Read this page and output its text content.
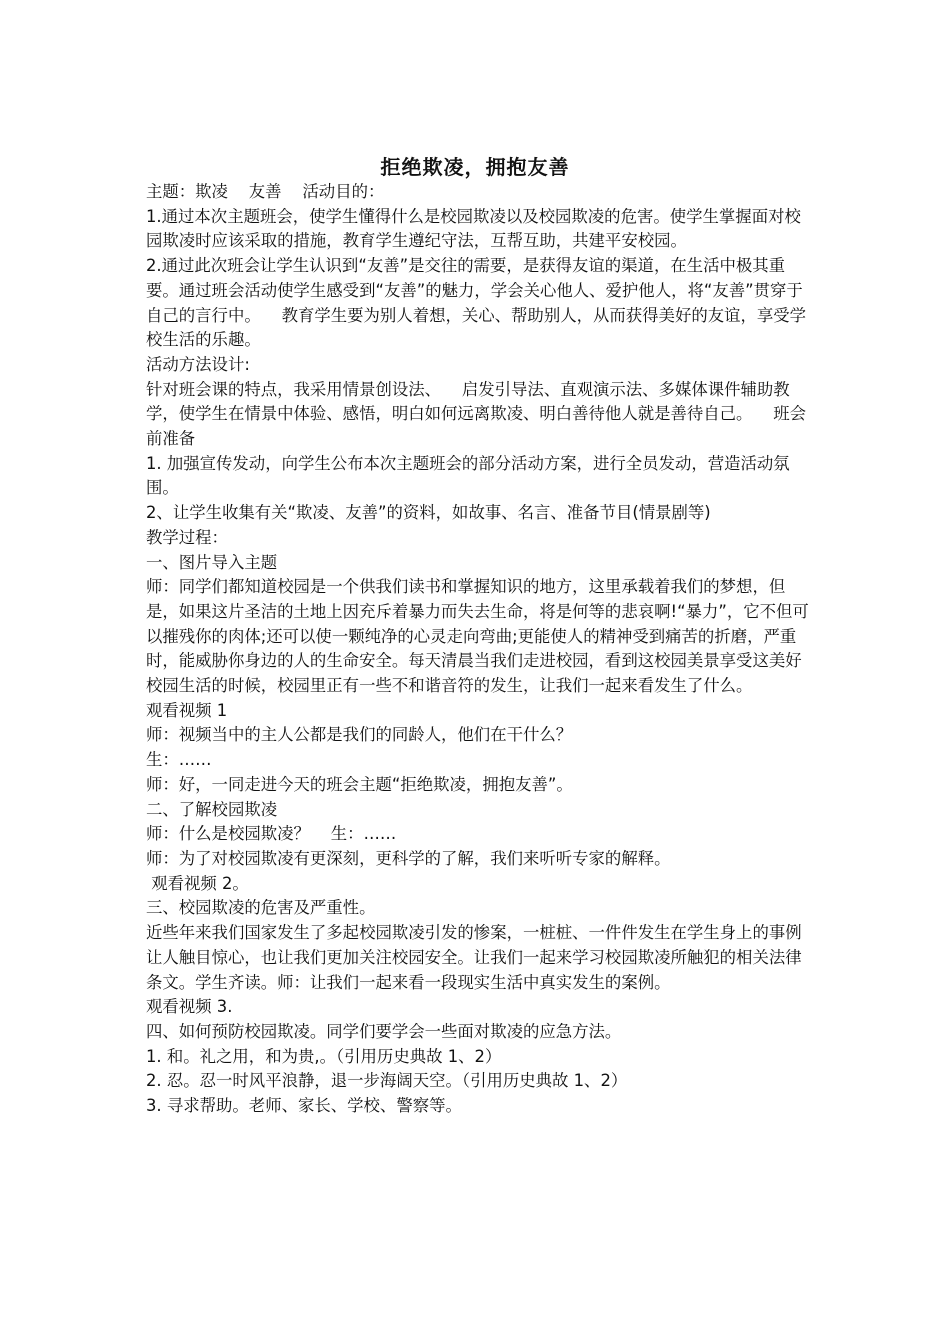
拒绝欺凌，拥抱友善

主题：欺凌    友善    活动目的：

1.通过本次主题班会，使学生懂得什么是校园欺凌以及校园欺凌的危害。使学生掌握面对校园欺凌时应该采取的措施，教育学生遵纪守法，互帮互助，共建平安校园。

2.通过此次班会让学生认识到“友善”是交往的需要，是获得友谊的渠道，在生活中极其重要。通过班会活动使学生感受到“友善”的魅力，学会关心他人、爱护他人，将“友善”贯穿于自己的言行中。    教育学生要为别人着想，关心、帮助别人，从而获得美好的友谊，享受学校生活的乐趣。

活动方法设计:

针对班会课的特点，我采用情景创设法、    启发引导法、直观演示法、多媒体课件辅助教学，使学生在情景中体验、感悟，明白如何远离欺凌、明白善待他人就是善待自己。    班会前准备

1. 加强宣传发动，向学生公布本次主题班会的部分活动方案，进行全员发动，营造活动氛围。

2、让学生收集有关“欺凌、友善”的资料，如故事、名言、准备节目(情景剧等)

教学过程：

一、图片导入主题

师：同学们都知道校园是一个供我们读书和掌握知识的地方，这里承载着我们的梦想，但是，如果这片圣洁的土地上因充斥着暴力而失去生命，将是何等的悲哀啊!“暴力”，它不但可以摧残你的肉体;还可以使一颗纯净的心灵走向弯曲;更能使人的精神受到痛苦的折磨，严重时，能威胁你身边的人的生命安全。每天清晨当我们走进校园，看到这校园美景享受这美好校园生活的时候，校园里正有一些不和谐音符的发生，让我们一起来看发生了什么。

观看视频 1

师：视频当中的主人公都是我们的同龄人，他们在干什么？

生：……

师：好，一同走进今天的班会主题“拒绝欺凌，拥抱友善”。

二、了解校园欺凌

师：什么是校园欺凌？    生：……

师：为了对校园欺凌有更深刻，更科学的了解，我们来听听专家的解释。

观看视频 2。

三、校园欺凌的危害及严重性。

近些年来我们国家发生了多起校园欺凌引发的惨案，一桩桩、一件件发生在学生身上的事例让人触目惊心，也让我们更加关注校园安全。让我们一起来学习校园欺凌所触犯的相关法律条文。学生齐读。师：让我们一起来看一段现实生活中真实发生的案例。

观看视频 3.

四、如何预防校园欺凌。同学们要学会一些面对欺凌的应急方法。

1. 和。礼之用，和为贵,。（引用历史典故 1、2）

2. 忍。忍一时风平浪静，退一步海阔天空。（引用历史典故 1、2）

3. 寻求帮助。老师、家长、学校、警察等。
